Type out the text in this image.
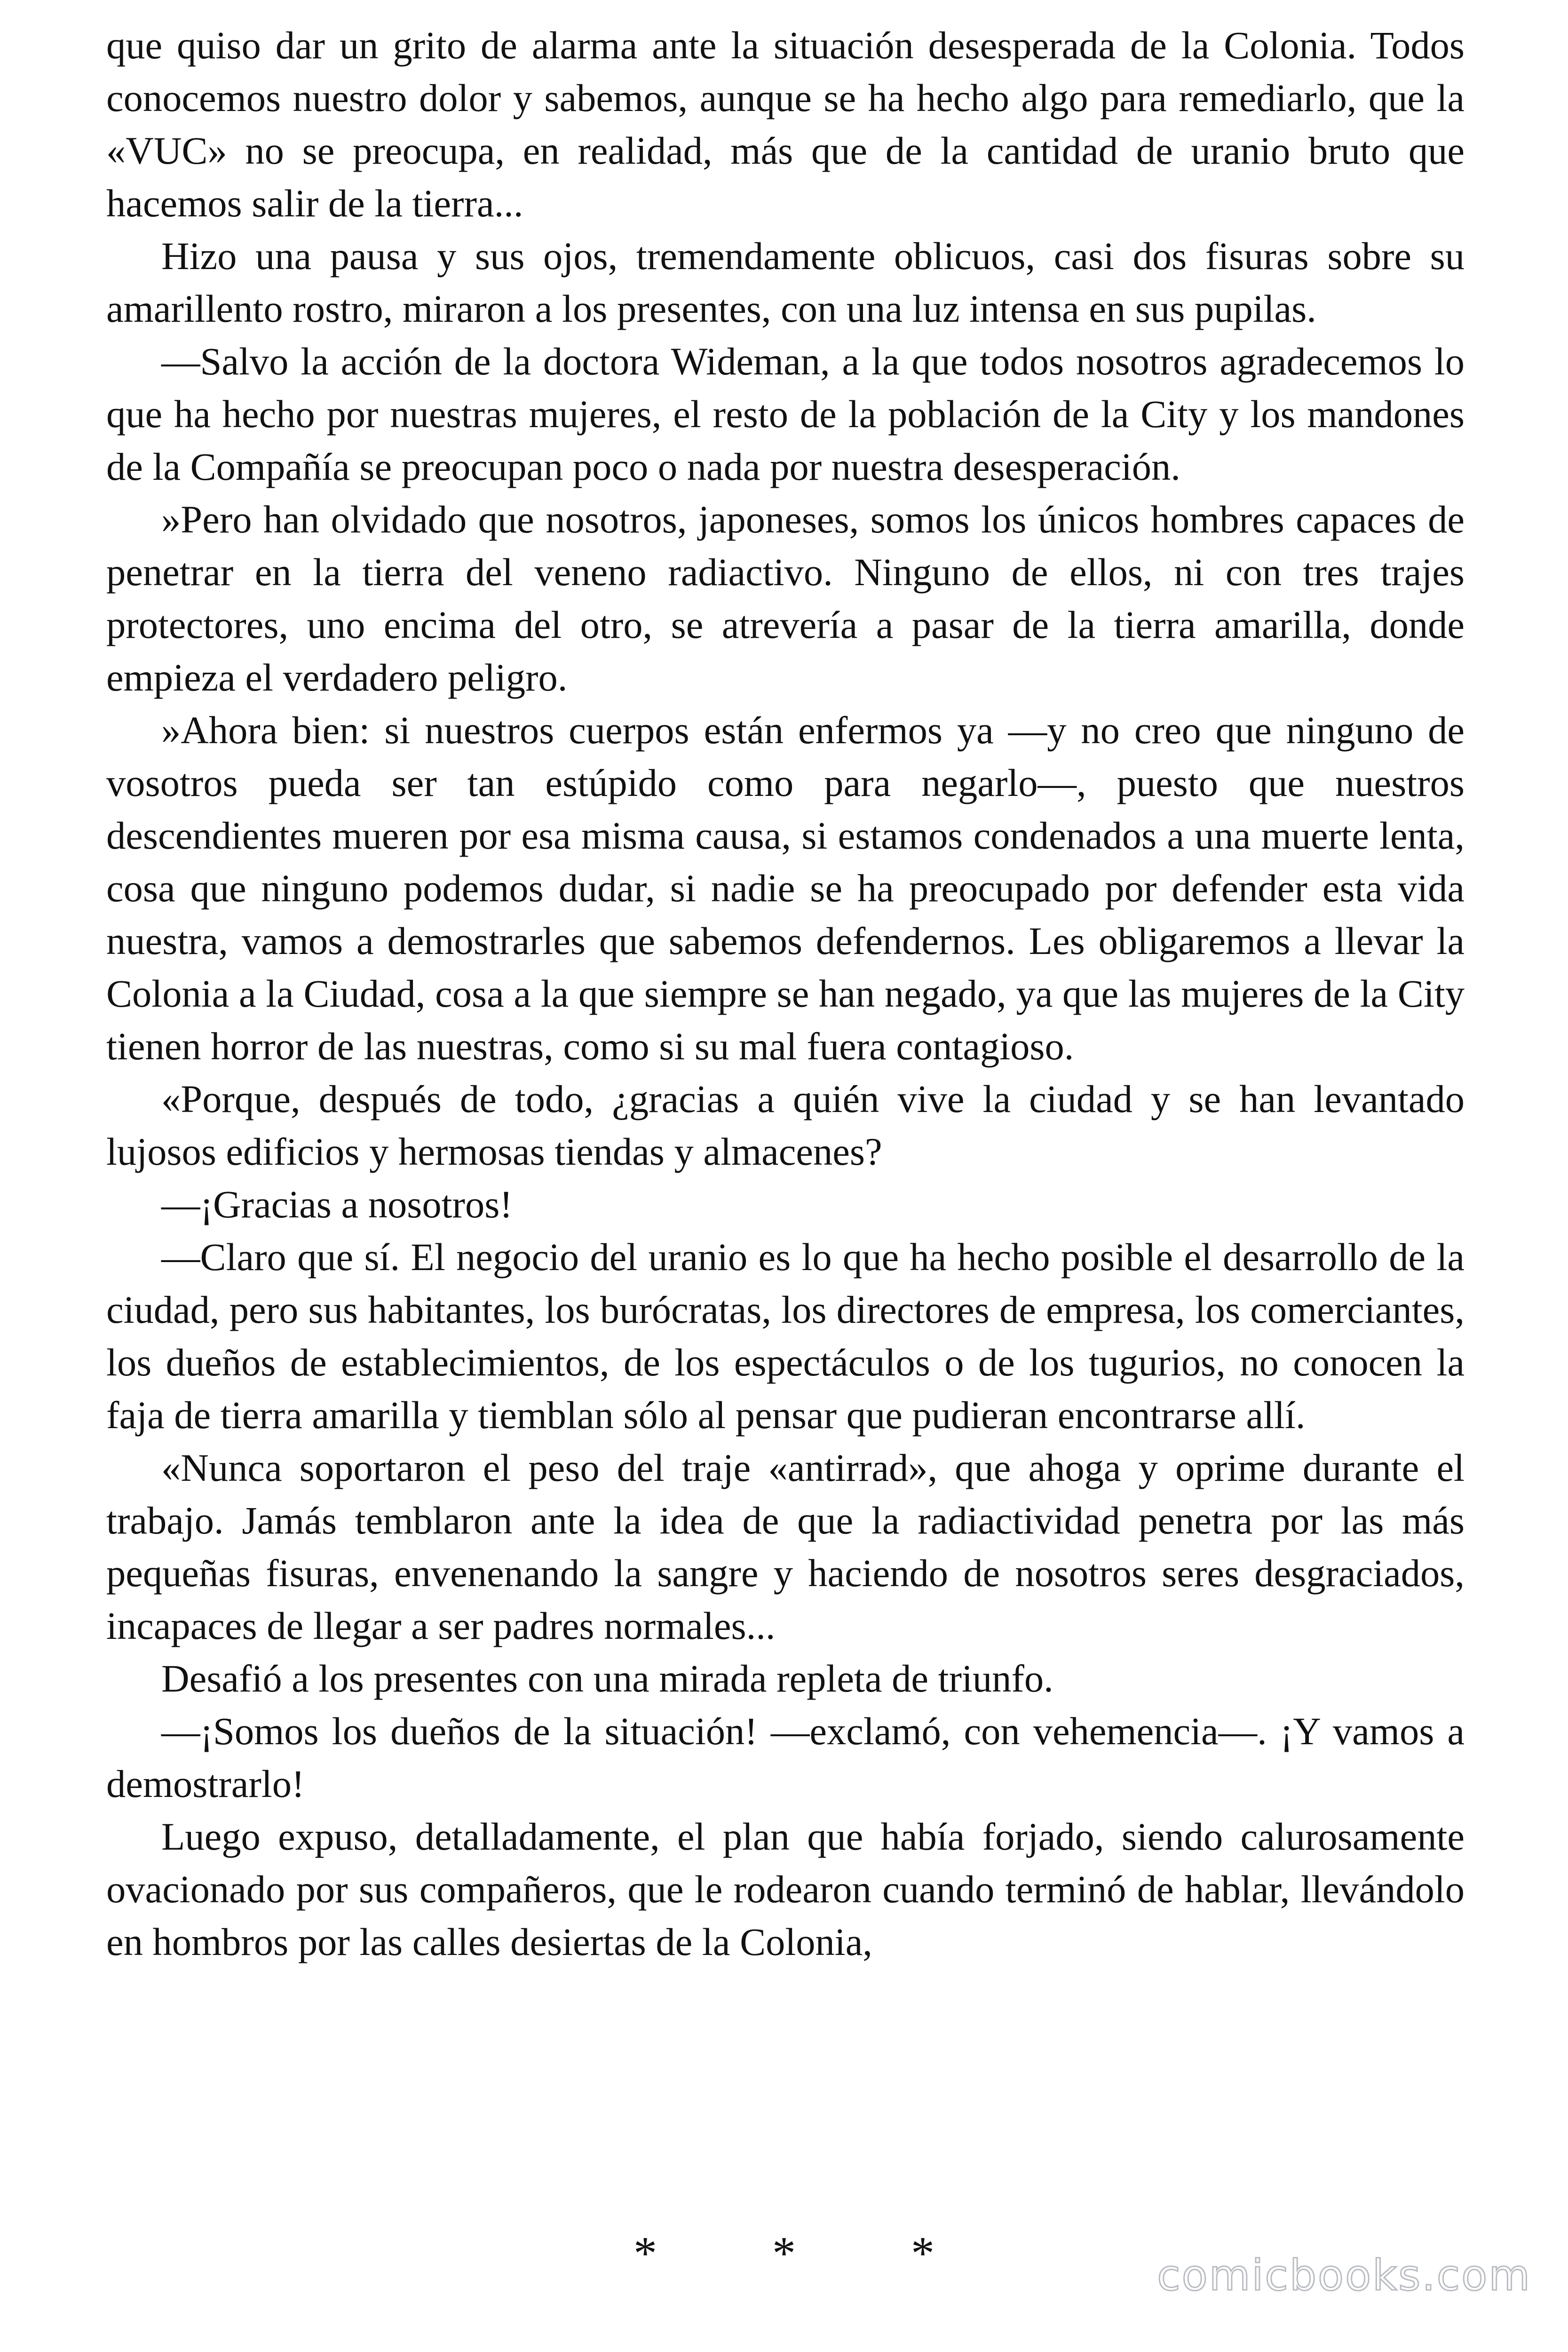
que quiso dar un grito de alarma ante la situación desesperada de la Colonia. Todos conocemos nuestro dolor y sabemos, aunque se ha hecho algo para remediarlo, que la «VUC» no se preocupa, en realidad, más que de la cantidad de uranio bruto que hacemos salir de la tierra...

Hizo una pausa y sus ojos, tremendamente oblicuos, casi dos fisuras sobre su amarillento rostro, miraron a los presentes, con una luz intensa en sus pupilas.

—Salvo la acción de la doctora Wideman, a la que todos nosotros agradecemos lo que ha hecho por nuestras mujeres, el resto de la población de la City y los mandones de la Compañía se preocupan poco o nada por nuestra desesperación.

»Pero han olvidado que nosotros, japoneses, somos los únicos hombres capaces de penetrar en la tierra del veneno radiactivo. Ninguno de ellos, ni con tres trajes protectores, uno encima del otro, se atrevería a pasar de la tierra amarilla, donde empieza el verdadero peligro.

»Ahora bien: si nuestros cuerpos están enfermos ya —y no creo que ninguno de vosotros pueda ser tan estúpido como para negarlo—, puesto que nuestros descendientes mueren por esa misma causa, si estamos condenados a una muerte lenta, cosa que ninguno podemos dudar, si nadie se ha preocupado por defender esta vida nuestra, vamos a demostrarles que sabemos defendernos. Les obligaremos a llevar la Colonia a la Ciudad, cosa a la que siempre se han negado, ya que las mujeres de la City tienen horror de las nuestras, como si su mal fuera contagioso.

«Porque, después de todo, ¿gracias a quién vive la ciudad y se han levantado lujosos edificios y hermosas tiendas y almacenes?

—¡Gracias a nosotros!

—Claro que sí. El negocio del uranio es lo que ha hecho posible el desarrollo de la ciudad, pero sus habitantes, los burócratas, los directores de empresa, los comerciantes, los dueños de establecimientos, de los espectáculos o de los tugurios, no conocen la faja de tierra amarilla y tiemblan sólo al pensar que pudieran encontrarse allí.

«Nunca soportaron el peso del traje «antirrad», que ahoga y oprime durante el trabajo. Jamás temblaron ante la idea de que la radiactividad penetra por las más pequeñas fisuras, envenenando la sangre y haciendo de nosotros seres desgraciados, incapaces de llegar a ser padres normales...

Desafió a los presentes con una mirada repleta de triunfo.

—¡Somos los dueños de la situación! —exclamó, con vehemencia—. ¡Y vamos a demostrarlo!

Luego expuso, detalladamente, el plan que había forjado, siendo calurosamente ovacionado por sus compañeros, que le rodearon cuando terminó de hablar, llevándolo en hombros por las calles desiertas de la Colonia,

* * *	comicbooks.com
